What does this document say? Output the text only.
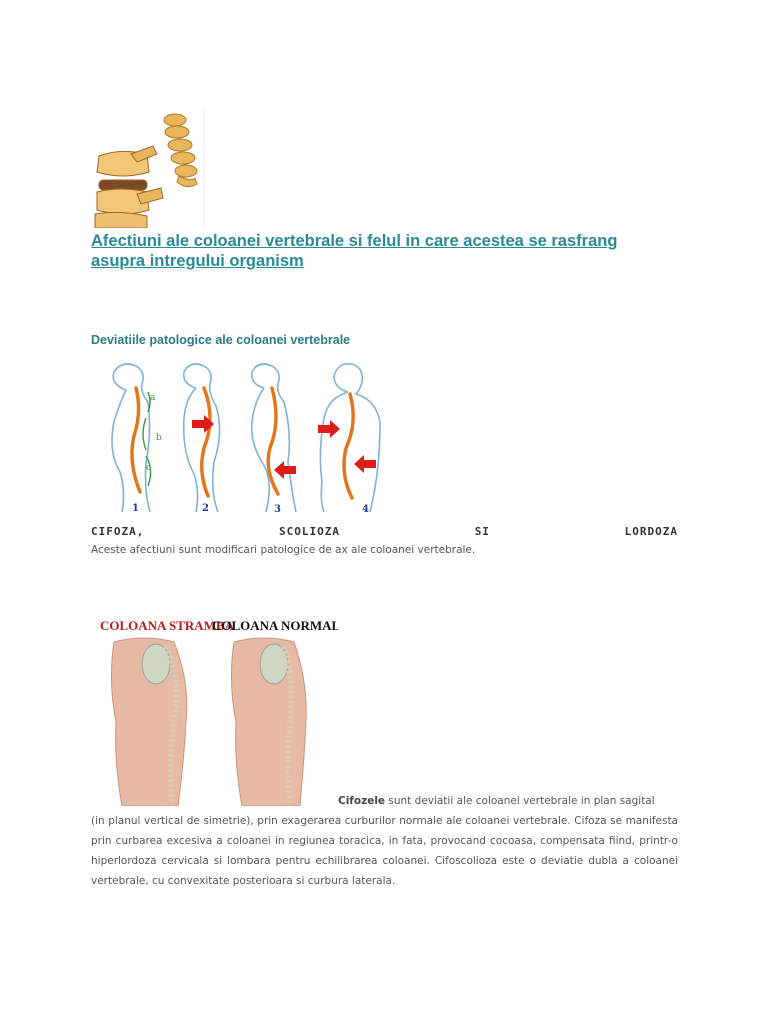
Afectiuni ale coloanei vertebrale si felul in care acestea se rasfrang asupra intregului organism
Deviatiile patologice ale coloanei vertebrale
a
b
c
1	2	3	4
CIFOZA,	SCOLIOZA	SI	LORDOZA
Aceste afectiuni sunt modificari patologice de ax ale coloanei vertebrale.
COLOANA STRAMBA
COLOANA NORMALA
Cifozele sunt deviatii ale coloanei vertebrale in plan sagital
(in planul vertical de simetrie), prin exagerarea curburilor normale ale coloanei vertebrale. Cifoza se manifesta prin curbarea excesiva a coloanei in regiunea toracica, in fata, provocand cocoasa, compensata fiind, printr-o hiperlordoza cervicala si lombara pentru echilibrarea coloanei. Cifoscolioza este o deviatie dubla a coloanei vertebrale, cu convexitate posterioara si curbura laterala.
